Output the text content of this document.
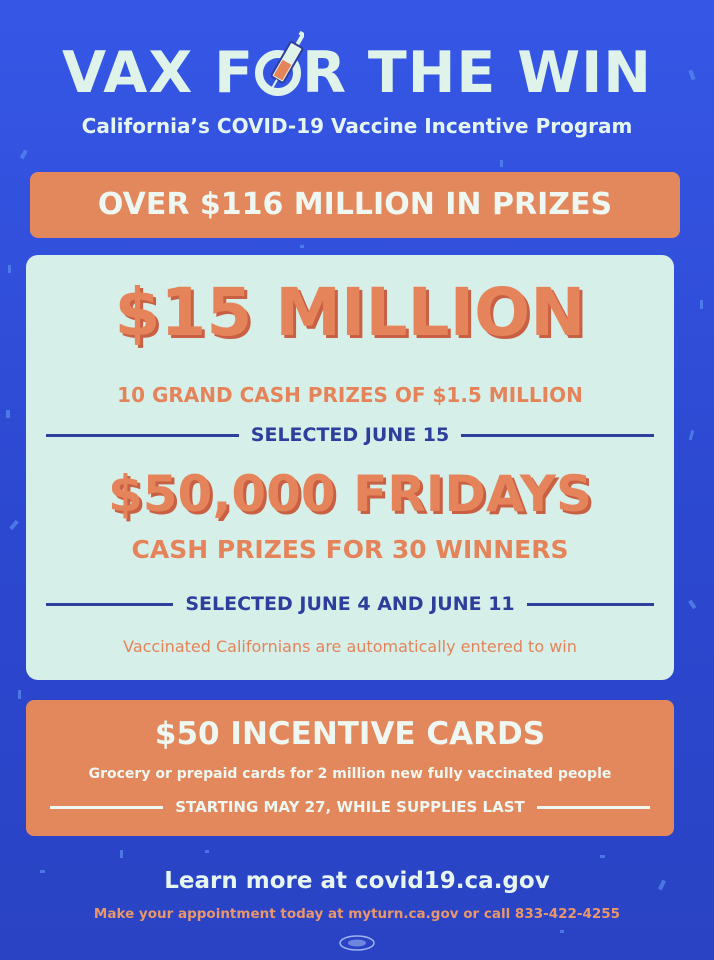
VAX F R THE WIN
California’s COVID-19 Vaccine Incentive Program
OVER $116 MILLION IN PRIZES
$15 MILLION
10 GRAND CASH PRIZES OF $1.5 MILLION
SELECTED JUNE 15
$50,000 FRIDAYS
CASH PRIZES FOR 30 WINNERS
SELECTED JUNE 4 AND JUNE 11
Vaccinated Californians are automatically entered to win
$50 INCENTIVE CARDS
Grocery or prepaid cards for 2 million new fully vaccinated people
STARTING MAY 27, WHILE SUPPLIES LAST
Learn more at covid19.ca.gov
Make your appointment today at myturn.ca.gov or call 833-422-4255
